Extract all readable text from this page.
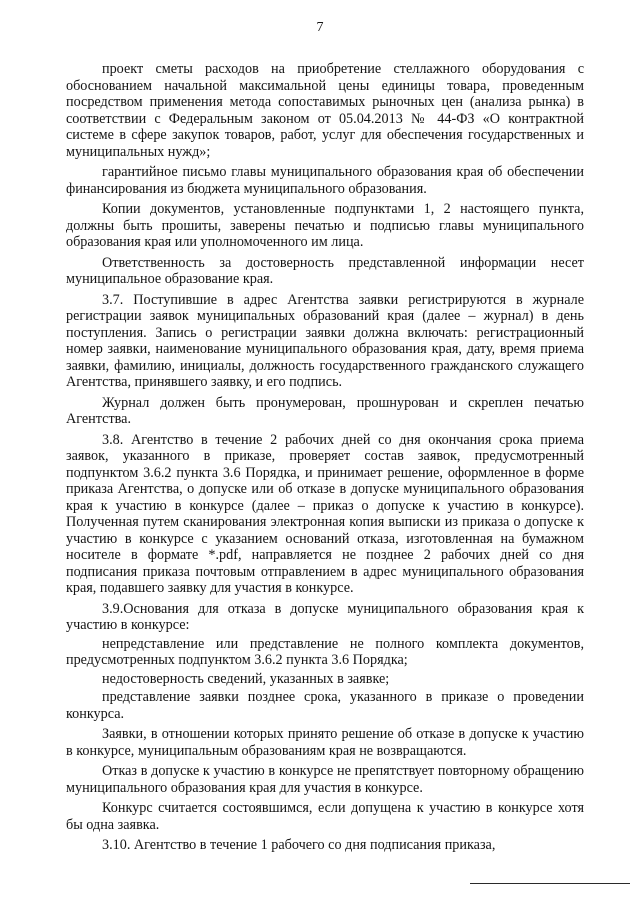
7

проект сметы расходов на приобретение стеллажного оборудования с обоснованием начальной максимальной цены единицы товара, проведенным посредством применения метода сопоставимых рыночных цен (анализа рынка) в соответствии с Федеральным законом от 05.04.2013 № 44-ФЗ «О контрактной системе в сфере закупок товаров, работ, услуг для обеспечения государственных и муниципальных нужд»;

гарантийное письмо главы муниципального образования края об обеспечении финансирования из бюджета муниципального образования.

Копии документов, установленные подпунктами 1, 2 настоящего пункта, должны быть прошиты, заверены печатью и подписью главы муниципального образования края или уполномоченного им лица.

Ответственность за достоверность представленной информации несет муниципальное образование края.

3.7. Поступившие в адрес Агентства заявки регистрируются в журнале регистрации заявок муниципальных образований края (далее – журнал) в день поступления. Запись о регистрации заявки должна включать: регистрационный номер заявки, наименование муниципального образования края, дату, время приема заявки, фамилию, инициалы, должность государственного гражданского служащего Агентства, принявшего заявку, и его подпись.

Журнал должен быть пронумерован, прошнурован и скреплен печатью Агентства.

3.8. Агентство в течение 2 рабочих дней со дня окончания срока приема заявок, указанного в приказе, проверяет состав заявок, предусмотренный подпунктом 3.6.2 пункта 3.6 Порядка, и принимает решение, оформленное в форме приказа Агентства, о допуске или об отказе в допуске муниципального образования края к участию в конкурсе (далее – приказ о допуске к участию в конкурсе). Полученная путем сканирования электронная копия выписки из приказа о допуске к участию в конкурсе с указанием оснований отказа, изготовленная на бумажном носителе в формате *.pdf, направляется не позднее 2 рабочих дней со дня подписания приказа почтовым отправлением в адрес муниципального образования края, подавшего заявку для участия в конкурсе.

3.9.Основания для отказа в допуске муниципального образования края к участию в конкурсе:

непредставление или представление не полного комплекта документов, предусмотренных подпунктом 3.6.2 пункта 3.6 Порядка;

недостоверность сведений, указанных в заявке;

представление заявки позднее срока, указанного в приказе о проведении конкурса.

Заявки, в отношении которых принято решение об отказе в допуске к участию в конкурсе, муниципальным образованиям края не возвращаются.

Отказ в допуске к участию в конкурсе не препятствует повторному обращению муниципального образования края для участия в конкурсе.

Конкурс считается состоявшимся, если допущена к участию в конкурсе хотя бы одна заявка.

3.10. Агентство в течение 1 рабочего со дня подписания приказа,
